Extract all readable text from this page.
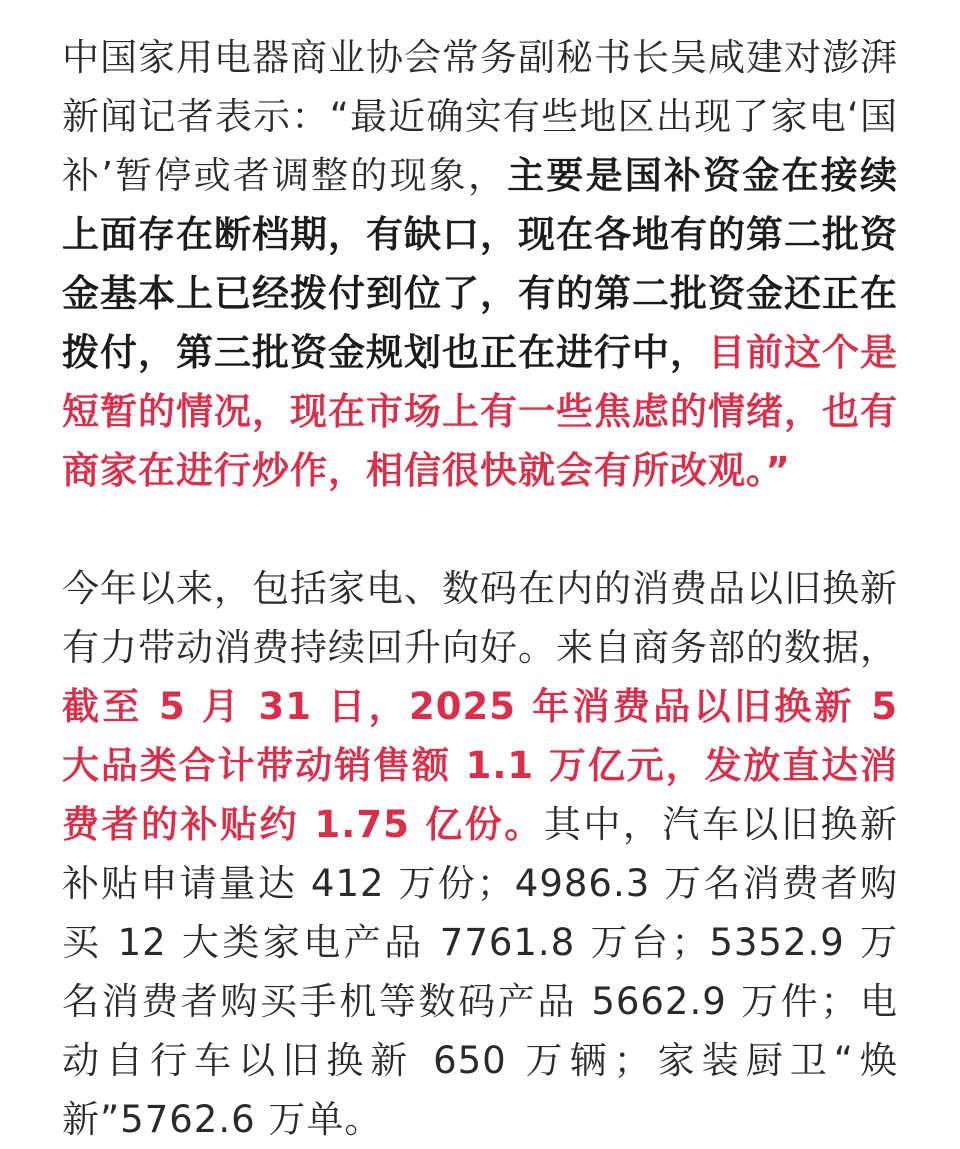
中国家用电器商业协会常务副秘书长吴咸建对澎湃新闻记者表示：“最近确实有些地区出现了家电‘国补’暂停或者调整的现象，主要是国补资金在接续上面存在断档期，有缺口，现在各地有的第二批资金基本上已经拨付到位了，有的第二批资金还正在拨付，第三批资金规划也正在进行中，目前这个是短暂的情况，现在市场上有一些焦虑的情绪，也有商家在进行炒作，相信很快就会有所改观。”

今年以来，包括家电、数码在内的消费品以旧换新有力带动消费持续回升向好。来自商务部的数据，截至 5 月 31 日，2025 年消费品以旧换新 5 大品类合计带动销售额 1.1 万亿元，发放直达消费者的补贴约 1.75 亿份。其中，汽车以旧换新补贴申请量达 412 万份；4986.3 万名消费者购买 12 大类家电产品 7761.8 万台；5352.9 万名消费者购买手机等数码产品 5662.9 万件；电动自行车以旧换新 650 万辆；家装厨卫“焕新”5762.6 万单。
